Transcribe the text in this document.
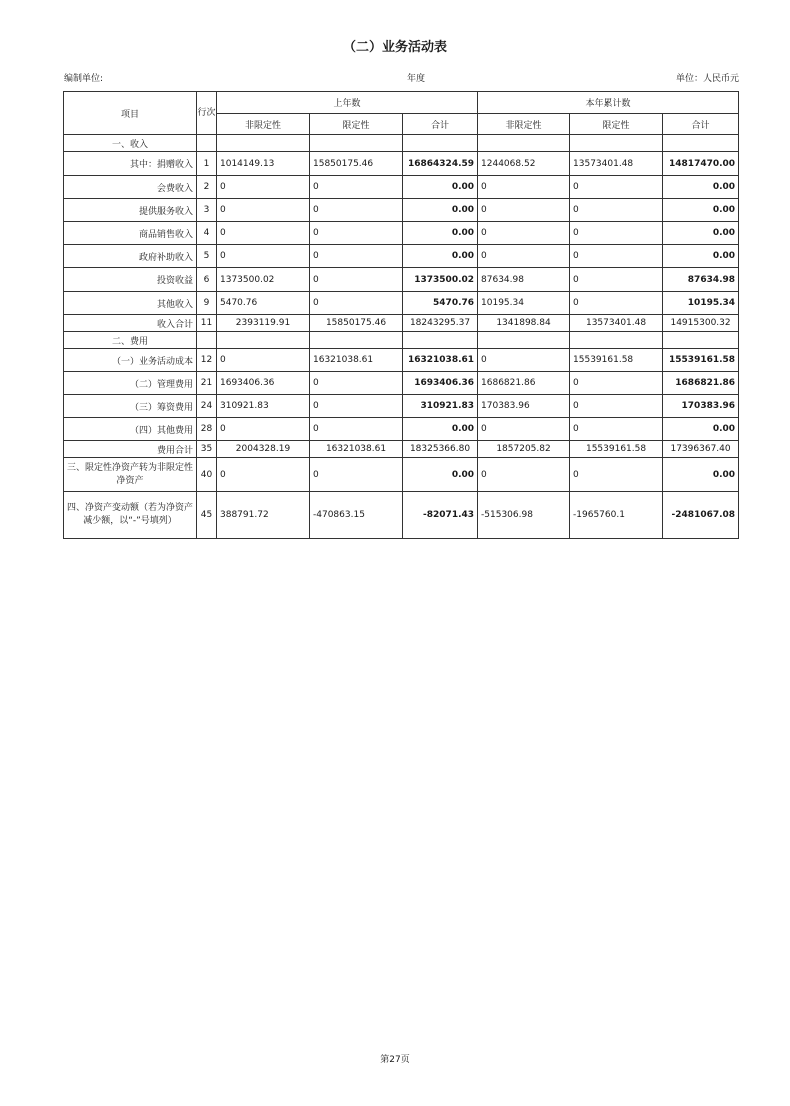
（二）业务活动表
编制单位:	年度	单位：人民币元
项目	行次	上年数			本年累计数		
		非限定性	限定性	合计	非限定性	限定性	合计
一、收入							
其中：捐赠收入	1	1014149.13	15850175.46	16864324.59	1244068.52	13573401.48	14817470.00
会费收入	2	0	0	0.00	0	0	0.00
提供服务收入	3	0	0	0.00	0	0	0.00
商品销售收入	4	0	0	0.00	0	0	0.00
政府补助收入	5	0	0	0.00	0	0	0.00
投资收益	6	1373500.02	0	1373500.02	87634.98	0	87634.98
其他收入	9	5470.76	0	5470.76	10195.34	0	10195.34
收入合计	11	2393119.91	15850175.46	18243295.37	1341898.84	13573401.48	14915300.32
二、费用							
（一）业务活动成本	12	0	16321038.61	16321038.61	0	15539161.58	15539161.58
（二）管理费用	21	1693406.36	0	1693406.36	1686821.86	0	1686821.86
（三）筹资费用	24	310921.83	0	310921.83	170383.96	0	170383.96
（四）其他费用	28	0	0	0.00	0	0	0.00
费用合计	35	2004328.19	16321038.61	18325366.80	1857205.82	15539161.58	17396367.40
三、限定性净资产转为非限定性净资产	40	0	0	0.00	0	0	0.00
四、净资产变动额（若为净资产减少额，以“-”号填列）	45	388791.72	-470863.15	-82071.43	-515306.98	-1965760.1	-2481067.08
第27页
